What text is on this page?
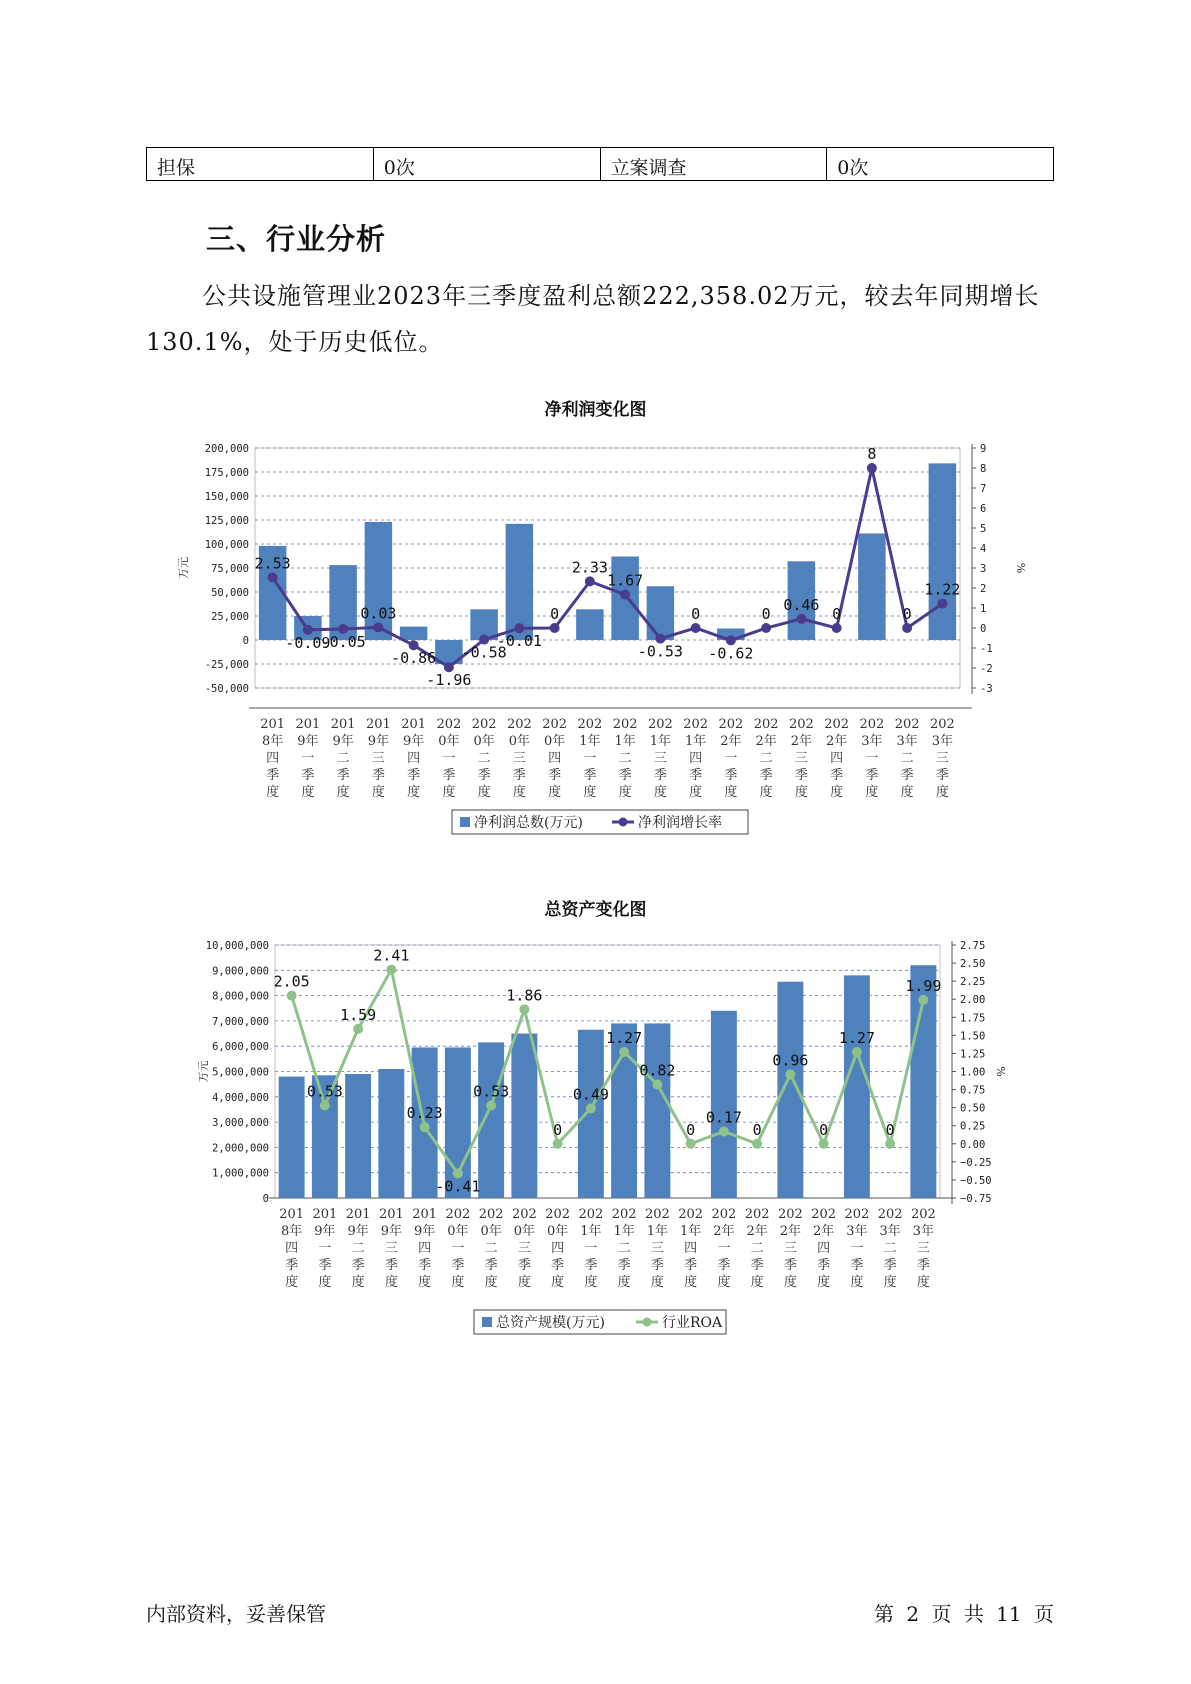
担保	0次	立案调查	0次
三、行业分析

公共设施管理业2023年三季度盈利总额222,358.02万元，较去年同期增长130.1%，处于历史低位。

净利润变化图
200,000
175,000
150,000
125,000
100,000
75,000
50,000
25,000
0
-25,000
-50,000
9
8
7
6
5
4
3
2
1
0
-1
-2
-3
万元	%
2.53
-0.09
-0.05
0.03
-0.86
-1.96
-0.58
-0.01
0
2.33
1.67
-0.53
0
-0.62
0
0.46
0
8
0
1.22
201 8年四季度
201 9年一季度
201 9年二季度
201 9年三季度
201 9年四季度
202 0年一季度
202 0年二季度
202 0年三季度
202 0年四季度
202 1年一季度
202 1年二季度
202 1年三季度
202 1年四季度
202 2年一季度
202 2年二季度
202 2年三季度
202 2年四季度
202 3年一季度
202 3年二季度
202 3年三季度
净利润总数(万元)	净利润增长率
总资产变化图
10,000,000
9,000,000
8,000,000
7,000,000
6,000,000
5,000,000
4,000,000
3,000,000
2,000,000
1,000,000
0
2.75
2.50
2.25
2.00
1.75
1.50
1.25
1.00
0.75
0.50
0.25
0.00
−0.25
−0.50
−0.75
万元	%
2.05
0.53
1.59
2.41
0.23
-0.41
0.53
1.86
0
0.49
1.27
0.82
0
0.17
0
0.96
0
1.27
0
1.99
201 8年四季度
201 9年一季度
201 9年二季度
201 9年三季度
201 9年四季度
202 0年一季度
202 0年二季度
202 0年三季度
202 0年四季度
202 1年一季度
202 1年二季度
202 1年三季度
202 1年四季度
202 2年一季度
202 2年二季度
202 2年三季度
202 2年四季度
202 3年一季度
202 3年二季度
202 3年三季度
总资产规模(万元)	行业ROA
内部资料，妥善保管	第 2 页 共 11 页
